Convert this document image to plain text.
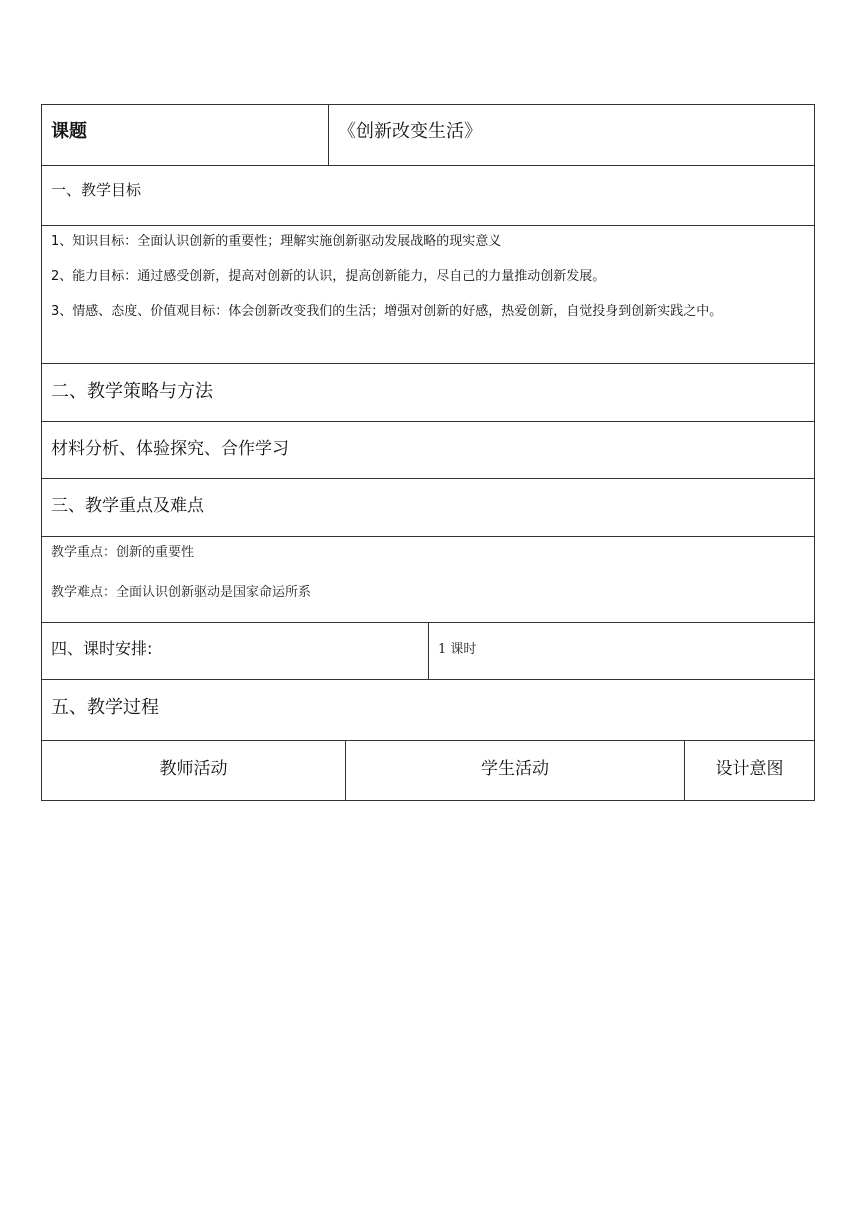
课题	《创新改变生活》
一、教学目标

1、知识目标：全面认识创新的重要性；理解实施创新驱动发展战略的现实意义

2、能力目标：通过感受创新，提高对创新的认识，提高创新能力，尽自己的力量推动创新发展。

3、情感、态度、价值观目标：体会创新改变我们的生活；增强对创新的好感，热爱创新，自觉投身到创新实践之中。

二、教学策略与方法
材料分析、体验探究、合作学习
三、教学重点及难点

教学重点：创新的重要性

教学难点：全面认识创新驱动是国家命运所系

四、课时安排:	1 课时
五、教学过程
教师活动	学生活动	设计意图
